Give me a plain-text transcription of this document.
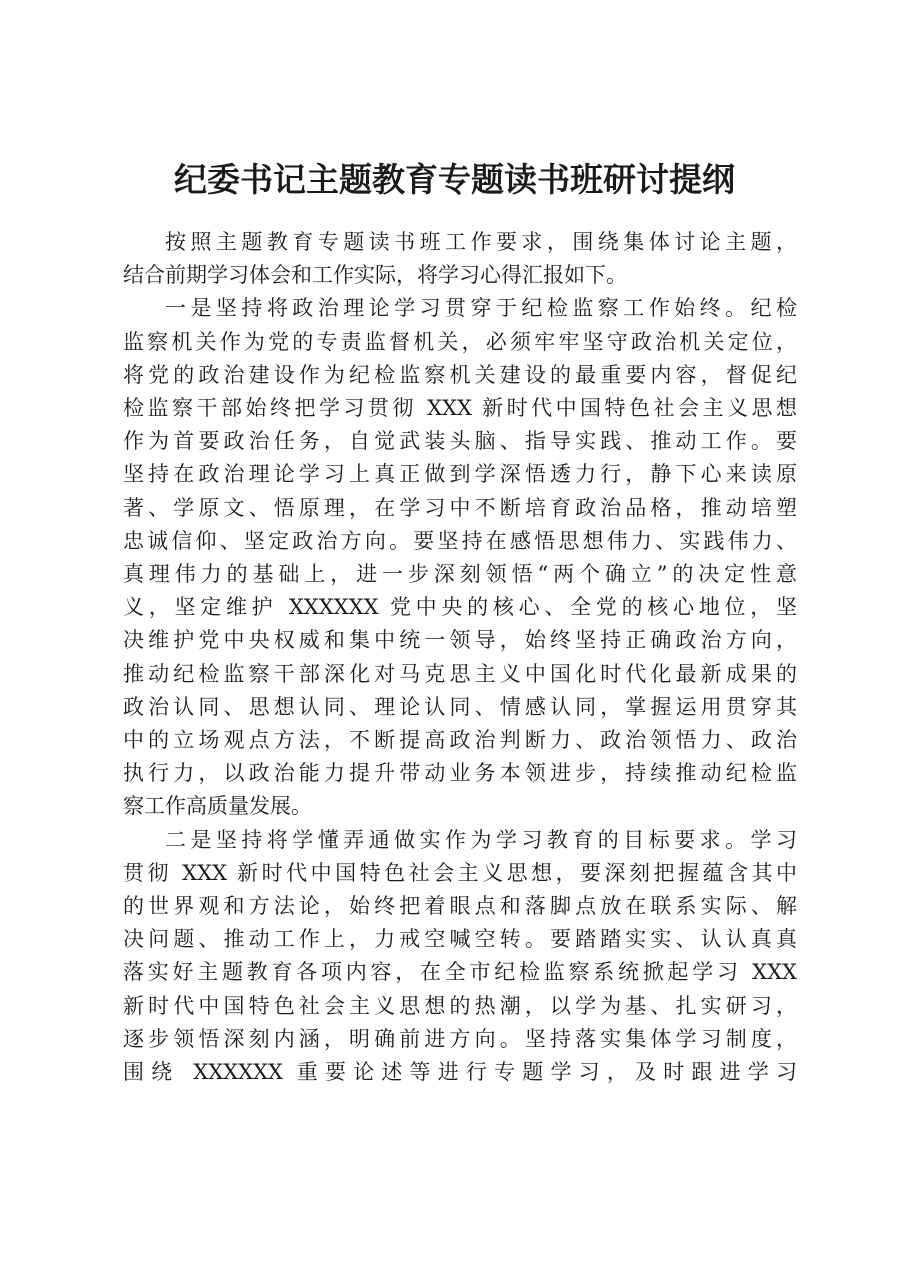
纪委书记主题教育专题读书班研讨提纲
按照主题教育专题读书班工作要求，围绕集体讨论主题，
结合前期学习体会和工作实际，将学习心得汇报如下。
一是坚持将政治理论学习贯穿于纪检监察工作始终。纪检
监察机关作为党的专责监督机关，必须牢牢坚守政治机关定位，
将党的政治建设作为纪检监察机关建设的最重要内容，督促纪
检监察干部始终把学习贯彻 XXX 新时代中国特色社会主义思想
作为首要政治任务，自觉武装头脑、指导实践、推动工作。要
坚持在政治理论学习上真正做到学深悟透力行，静下心来读原
著、学原文、悟原理，在学习中不断培育政治品格，推动培塑
忠诚信仰、坚定政治方向。要坚持在感悟思想伟力、实践伟力、
真理伟力的基础上，进一步深刻领悟“两个确立”的决定性意
义，坚定维护 XXXXXX 党中央的核心、全党的核心地位，坚
决维护党中央权威和集中统一领导，始终坚持正确政治方向，
推动纪检监察干部深化对马克思主义中国化时代化最新成果的
政治认同、思想认同、理论认同、情感认同，掌握运用贯穿其
中的立场观点方法，不断提高政治判断力、政治领悟力、政治
执行力，以政治能力提升带动业务本领进步，持续推动纪检监
察工作高质量发展。
二是坚持将学懂弄通做实作为学习教育的目标要求。学习
贯彻 XXX 新时代中国特色社会主义思想，要深刻把握蕴含其中
的世界观和方法论，始终把着眼点和落脚点放在联系实际、解
决问题、推动工作上，力戒空喊空转。要踏踏实实、认认真真
落实好主题教育各项内容，在全市纪检监察系统掀起学习 XXX
新时代中国特色社会主义思想的热潮，以学为基、扎实研习，
逐步领悟深刻内涵，明确前进方向。坚持落实集体学习制度，
围绕 XXXXXX 重要论述等进行专题学习，及时跟进学习
